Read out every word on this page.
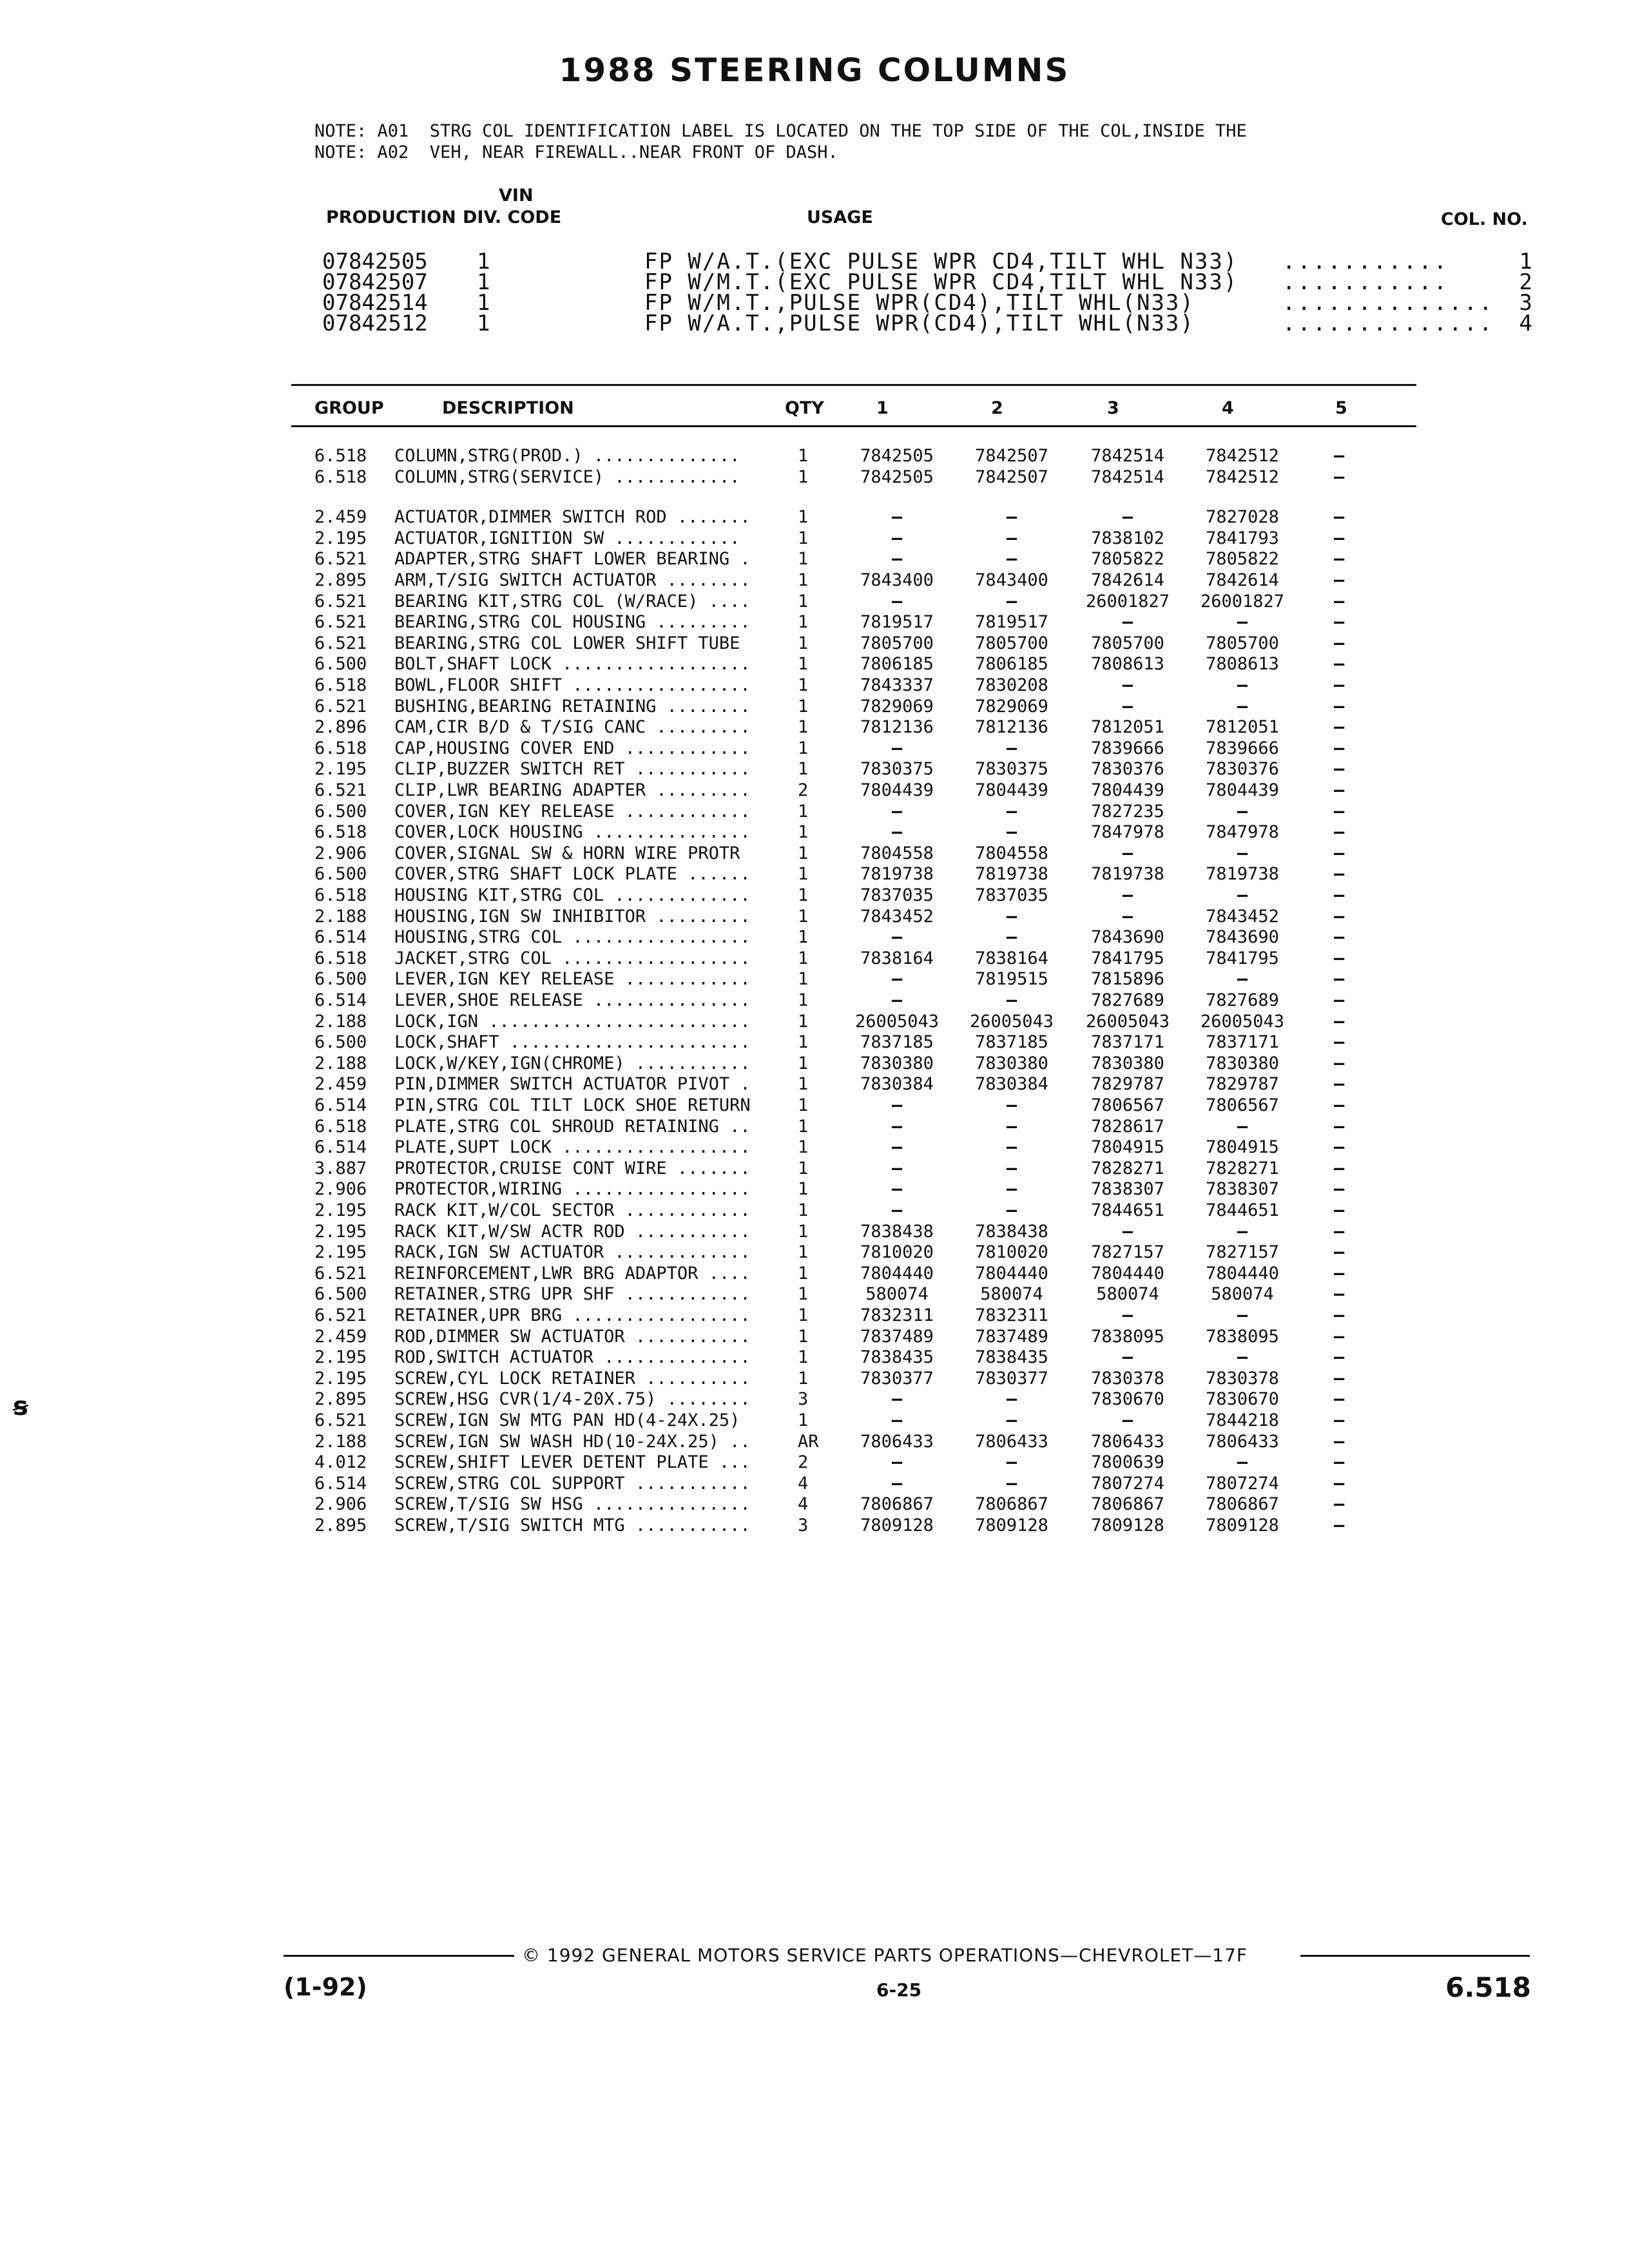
1988 STEERING COLUMNS
NOTE: A01  STRG COL IDENTIFICATION LABEL IS LOCATED ON THE TOP SIDE OF THE COL,INSIDE THE
NOTE: A02  VEH, NEAR FIREWALL..NEAR FRONT OF DASH.
VIN
PRODUCTION DIV. CODE	USAGE	COL. NO.
07842505 1	FP W/A.T.(EXC PULSE WPR CD4,TILT WHL N33) ...........	1
07842507 1	FP W/M.T.(EXC PULSE WPR CD4,TILT WHL N33) ...........	2
07842514 1	FP W/M.T.,PULSE WPR(CD4),TILT WHL(N33)	.............. 3
07842512 1	FP W/A.T.,PULSE WPR(CD4),TILT WHL(N33)	.............. 4
GROUP	DESCRIPTION	QTY	1	2	3	4	5
6.518 COLUMN,STRG(PROD.) ..............	1	7842505	7842507	7842514	7842512	—
6.518 COLUMN,STRG(SERVICE) ............	1	7842505	7842507	7842514	7842512	—
2.459 ACTUATOR,DIMMER SWITCH ROD .......	1	—	—	—	7827028	—
2.195 ACTUATOR,IGNITION SW ............	1	—	—	7838102	7841793	—
6.521 ADAPTER,STRG SHAFT LOWER BEARING .	1	—	—	7805822	7805822	—
2.895 ARM,T/SIG SWITCH ACTUATOR ........	1	7843400	7843400	7842614	7842614	—
6.521 BEARING KIT,STRG COL (W/RACE) ....	1	—	—	26001827	26001827	—
6.521 BEARING,STRG COL HOUSING .........	1	7819517	7819517	—	—	—
6.521 BEARING,STRG COL LOWER SHIFT TUBE	1	7805700	7805700	7805700	7805700	—
6.500 BOLT,SHAFT LOCK ..................	1	7806185	7806185	7808613	7808613	—
6.518 BOWL,FLOOR SHIFT .................	1	7843337	7830208	—	—	—
6.521 BUSHING,BEARING RETAINING ........	1	7829069	7829069	—	—	—
2.896 CAM,CIR B/D & T/SIG CANC .........	1	7812136	7812136	7812051	7812051	—
6.518 CAP,HOUSING COVER END ............	1	—	—	7839666	7839666	—
2.195 CLIP,BUZZER SWITCH RET ...........	1	7830375	7830375	7830376	7830376	—
6.521 CLIP,LWR BEARING ADAPTER .........	2	7804439	7804439	7804439	7804439	—
6.500 COVER,IGN KEY RELEASE ............	1	—	—	7827235	—	—
6.518 COVER,LOCK HOUSING ...............	1	—	—	7847978	7847978	—
2.906 COVER,SIGNAL SW & HORN WIRE PROTR	1	7804558	7804558	—	—	—
6.500 COVER,STRG SHAFT LOCK PLATE ......	1	7819738	7819738	7819738	7819738	—
6.518 HOUSING KIT,STRG COL .............	1	7837035	7837035	—	—	—
2.188 HOUSING,IGN SW INHIBITOR .........	1	7843452	—	—	7843452	—
6.514 HOUSING,STRG COL .................	1	—	—	7843690	7843690	—
6.518 JACKET,STRG COL ..................	1	7838164	7838164	7841795	7841795	—
6.500 LEVER,IGN KEY RELEASE ............	1	—	7819515	7815896	—	—
6.514 LEVER,SHOE RELEASE ...............	1	—	—	7827689	7827689	—
2.188 LOCK,IGN .........................	1	26005043	26005043	26005043	26005043	—
6.500 LOCK,SHAFT .......................	1	7837185	7837185	7837171	7837171	—
2.188 LOCK,W/KEY,IGN(CHROME) ...........	1	7830380	7830380	7830380	7830380	—
2.459 PIN,DIMMER SWITCH ACTUATOR PIVOT .	1	7830384	7830384	7829787	7829787	—
6.514 PIN,STRG COL TILT LOCK SHOE RETURN	1	—	—	7806567	7806567	—
6.518 PLATE,STRG COL SHROUD RETAINING ..	1	—	—	7828617	—	—
6.514 PLATE,SUPT LOCK ..................	1	—	—	7804915	7804915	—
3.887 PROTECTOR,CRUISE CONT WIRE .......	1	—	—	7828271	7828271	—
2.906 PROTECTOR,WIRING .................	1	—	—	7838307	7838307	—
2.195 RACK KIT,W/COL SECTOR ............	1	—	—	7844651	7844651	—
2.195 RACK KIT,W/SW ACTR ROD ...........	1	7838438	7838438	—	—	—
2.195 RACK,IGN SW ACTUATOR .............	1	7810020	7810020	7827157	7827157	—
6.521 REINFORCEMENT,LWR BRG ADAPTOR ....	1	7804440	7804440	7804440	7804440	—
6.500 RETAINER,STRG UPR SHF ............	1	580074	580074	580074	580074	—
6.521 RETAINER,UPR BRG .................	1	7832311	7832311	—	—	—
2.459 ROD,DIMMER SW ACTUATOR ...........	1	7837489	7837489	7838095	7838095	—
2.195 ROD,SWITCH ACTUATOR ..............	1	7838435	7838435	—	—	—
2.195 SCREW,CYL LOCK RETAINER ..........	1	7830377	7830377	7830378	7830378	—
2.895 SCREW,HSG CVR(1/4-20X.75) ........	3	—	—	7830670	7830670	—
6.521 SCREW,IGN SW MTG PAN HD(4-24X.25)	1	—	—	—	7844218	—
2.188 SCREW,IGN SW WASH HD(10-24X.25) ..	AR	7806433	7806433	7806433	7806433	—
4.012 SCREW,SHIFT LEVER DETENT PLATE ...	2	—	—	7800639	—	—
6.514 SCREW,STRG COL SUPPORT ...........	4	—	—	7807274	7807274	—
2.906 SCREW,T/SIG SW HSG ...............	4	7806867	7806867	7806867	7806867	—
2.895 SCREW,T/SIG SWITCH MTG ...........	3	7809128	7809128	7809128	7809128	—
© 1992 GENERAL MOTORS SERVICE PARTS OPERATIONS—CHEVROLET—17F
(1-92)	6-25	6.518
ꞩ
